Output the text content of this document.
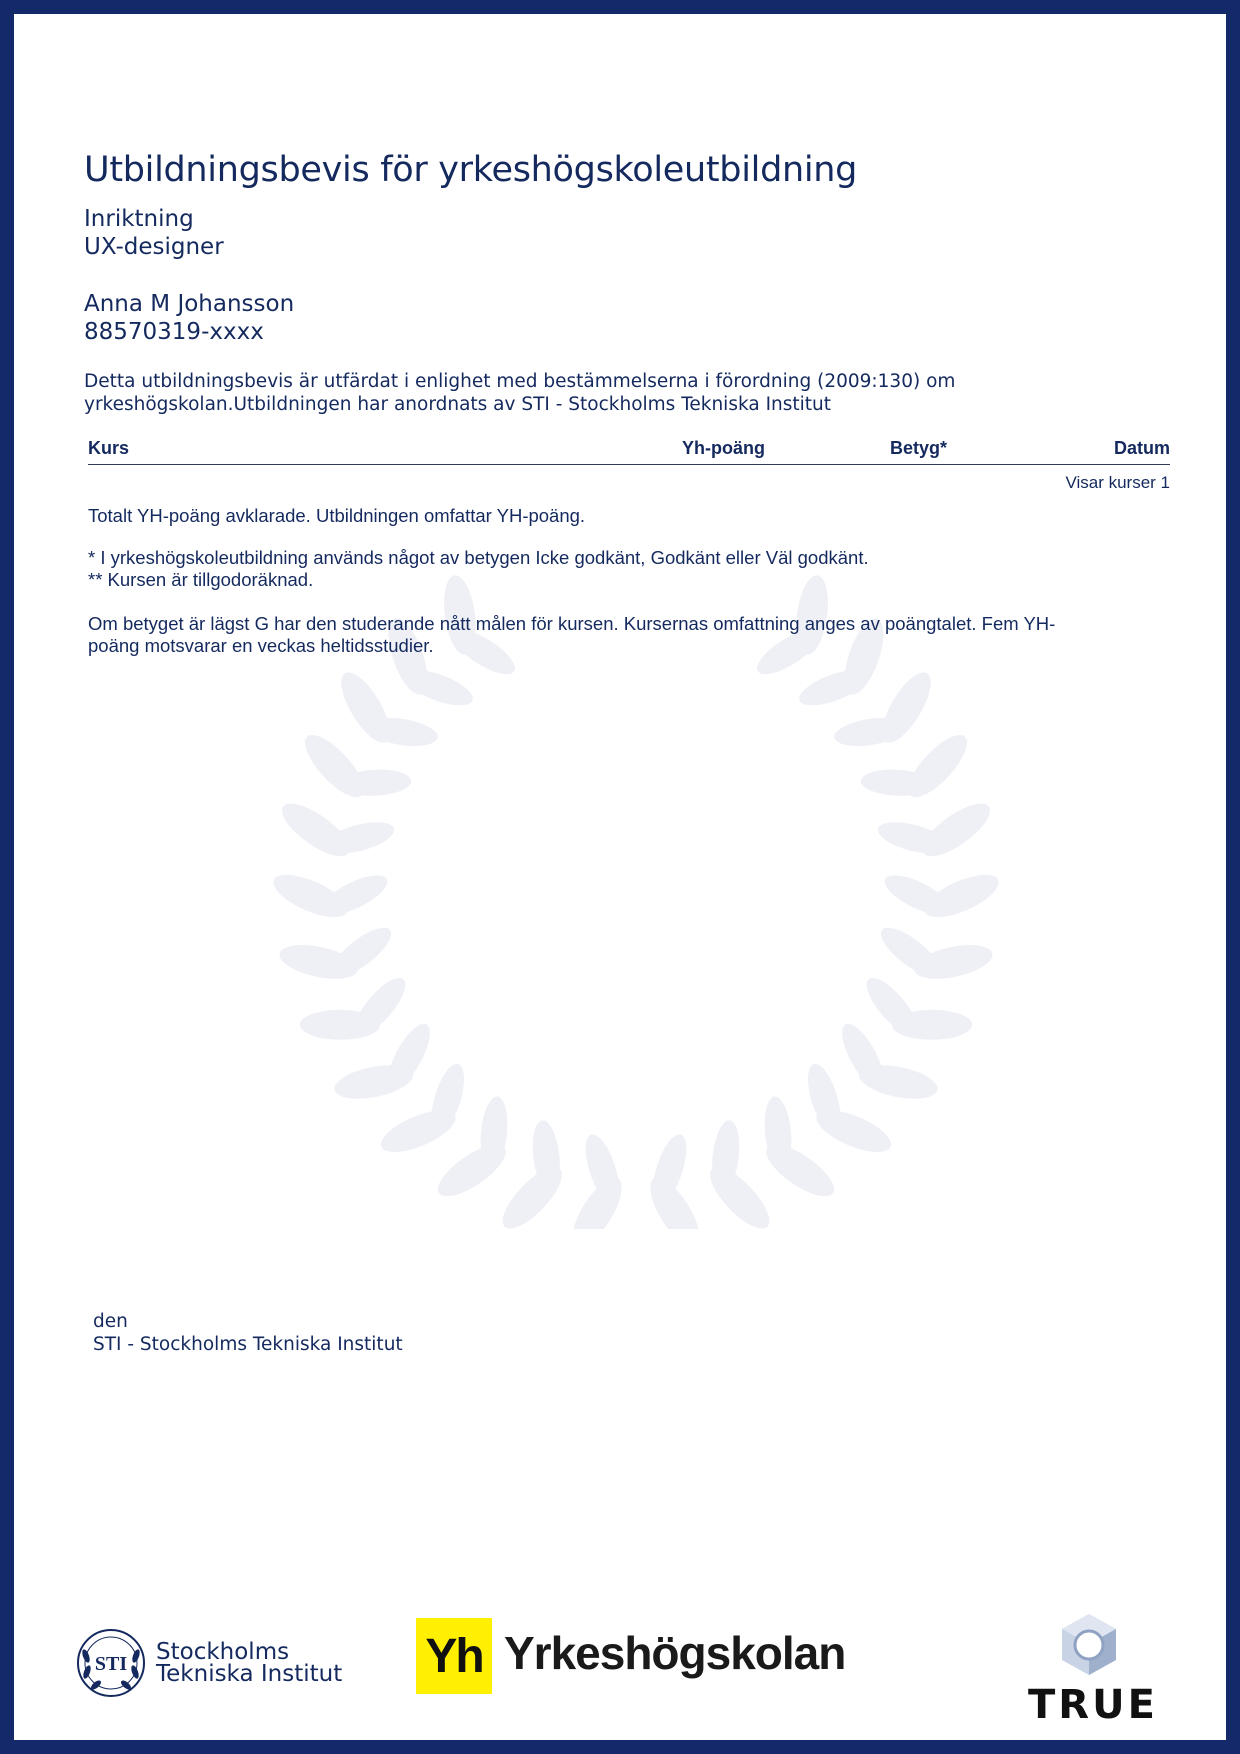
Utbildningsbevis för yrkeshögskoleutbildning
Inriktning
UX-designer
Anna M Johansson
88570319-xxxx
Detta utbildningsbevis är utfärdat i enlighet med bestämmelserna i förordning (2009:130) om
yrkeshögskolan.Utbildningen har anordnats av STI - Stockholms Tekniska Institut
Kurs	Yh-poäng	Betyg*	Datum
Visar kurser 1
Totalt YH-poäng avklarade. Utbildningen omfattar YH-poäng.
* I yrkeshögskoleutbildning används något av betygen Icke godkänt, Godkänt eller Väl godkänt.
** Kursen är tillgodoräknad.
Om betyget är lägst G har den studerande nått målen för kursen. Kursernas omfattning anges av poängtalet. Fem YH-
poäng motsvarar en veckas heltidsstudier.
den
STI - Stockholms Tekniska Institut
STI Stockholms
Tekniska Institut Yh Yrkeshögskolan
TRUE
